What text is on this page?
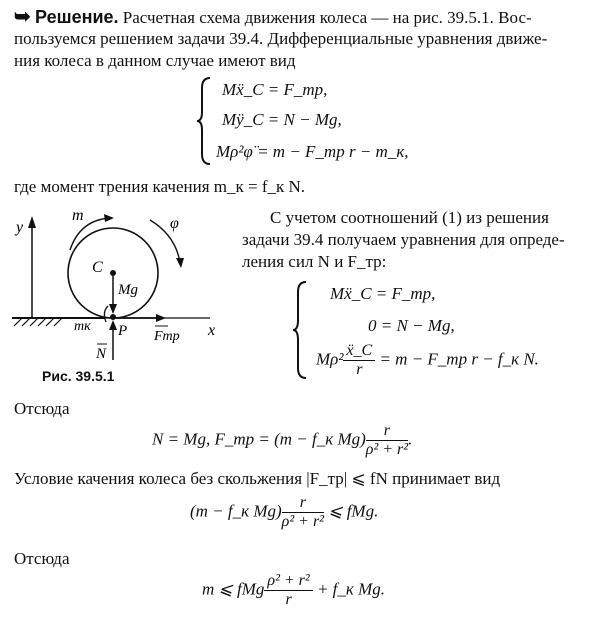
➥ Решение. Расчетная схема движения колеса — на рис. 39.5.1. Вос-
пользуемся решением задачи 39.4. Дифференциальные уравнения движе-
ния колеса в данном случае имеют вид
Mẍ_C = F_тр,
Mÿ_C = N − Mg,
Mρ²φ̈ = m − F_тр r − m_к,
где момент трения качения m_к = f_к N.
y
x
C
Mg
P
N
Fтр
mк
m	φ
Рис. 39.5.1
С учетом соотношений (1) из решения
задачи 39.4 получаем уравнения для опреде-
ления сил N и F_тр:
Mẍ_C = F_тр,
0 = N − Mg,
$M\rho^2 \frac{\text{ẍ\_C}}{r} = m$ − F_тр r − f_к N.
Отсюда
N = Mg, F_тр = (m − f_к $Mg) \frac{r}{\text{ρ² + r²}}$ .
Условие качения колеса без скольжения |F_тр| ⩽ fN принимает вид
(m − f_к $Mg) \frac{r}{\text{ρ² + r²}}$ ⩽ fMg.
Отсюда
m ⩽ fMg $\frac{\text{ρ² + r²}}{r}$ + f_к Mg.
